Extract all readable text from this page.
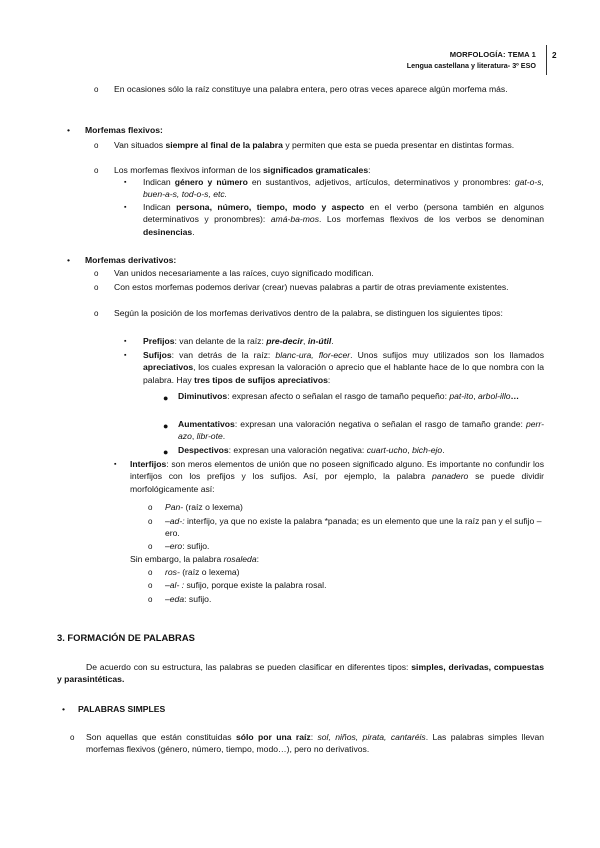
MORFOLOGÍA: TEMA 1
Lengua castellana y literatura- 3º ESO
2
o En ocasiones sólo la raíz constituye una palabra entera, pero otras veces aparece algún morfema más.
• Morfemas flexivos:
o Van situados siempre al final de la palabra y permiten que esta se pueda presentar en distintas formas.
o Los morfemas flexivos informan de los significados gramaticales:
▪ Indican género y número en sustantivos, adjetivos, artículos, determinativos y pronombres: gat-o-s, buen-a-s, tod-o-s, etc.
▪ Indican persona, número, tiempo, modo y aspecto en el verbo (persona también en algunos determinativos y pronombres): amá-ba-mos. Los morfemas flexivos de los verbos se denominan desinencias.
• Morfemas derivativos:
o Van unidos necesariamente a las raíces, cuyo significado modifican.
o Con estos morfemas podemos derivar (crear) nuevas palabras a partir de otras previamente existentes.
o Según la posición de los morfemas derivativos dentro de la palabra, se distinguen los siguientes tipos:
▪ Prefijos: van delante de la raíz: pre-decir, in-útil.
▪ Sufijos: van detrás de la raíz: blanc-ura, flor-ecer. Unos sufijos muy utilizados son los llamados apreciativos, los cuales expresan la valoración o aprecio que el hablante hace de lo que nombra con la palabra. Hay tres tipos de sufijos apreciativos:
● Diminutivos: expresan afecto o señalan el rasgo de tamaño pequeño: pat-ito, arbol-illo…
● Aumentativos: expresan una valoración negativa o señalan el rasgo de tamaño grande: perr-azo, libr-ote.
● Despectivos: expresan una valoración negativa: cuart-ucho, bich-ejo.
▪ Interfijos: son meros elementos de unión que no poseen significado alguno. Es importante no confundir los interfijos con los prefijos y los sufijos. Así, por ejemplo, la palabra panadero se puede dividir morfológicamente así:
o Pan- (raíz o lexema)
o –ad-: interfijo, ya que no existe la palabra *panada; es un elemento que une la raíz pan y el sufijo –ero.
o –ero: sufijo.
Sin embargo, la palabra rosaleda:
o ros- (raíz o lexema)
o –al- : sufijo, porque existe la palabra rosal.
o –eda: sufijo.
3. FORMACIÓN DE PALABRAS
De acuerdo con su estructura, las palabras se pueden clasificar en diferentes tipos: simples, derivadas, compuestas y parasintéticas.
• PALABRAS SIMPLES
o Son aquellas que están constituidas sólo por una raíz: sol, niños, pirata, cantaréis. Las palabras simples llevan morfemas flexivos (género, número, tiempo, modo…), pero no derivativos.
